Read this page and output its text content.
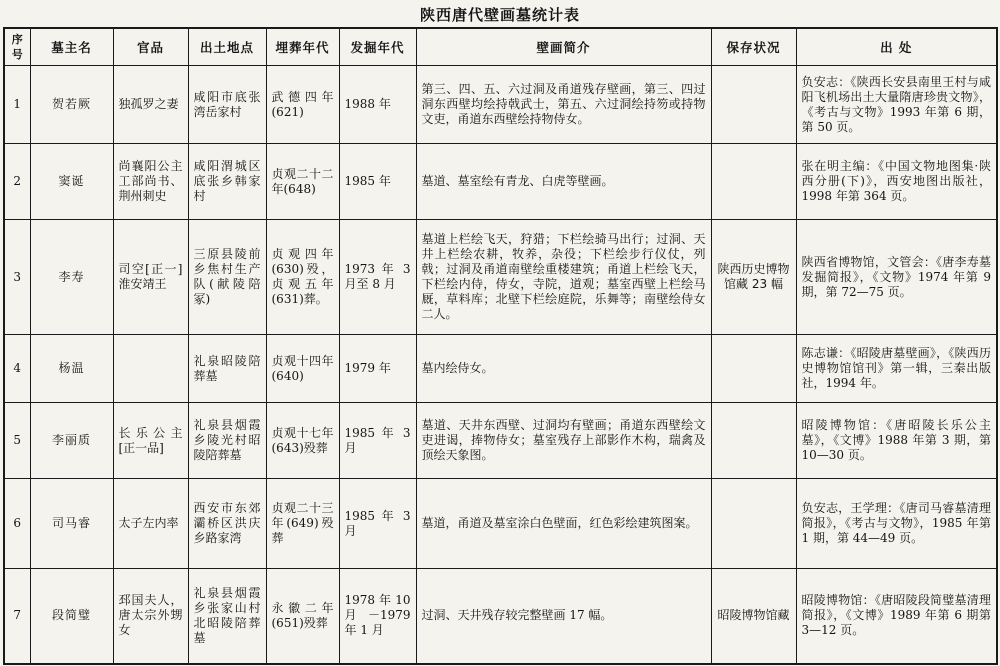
陕西唐代壁画墓统计表
序号	墓主名	官品	出土地点	埋葬年代	发掘年代	壁画简介	保存状况	出 处
1	贺若厥	独孤罗之妻	咸阳市底张湾岳家村	武德四年(621)	1988 年	第三、四、五、六过洞及甬道残存壁画，第三、四过洞东西壁均绘持戟武士，第五、六过洞绘持笏或持物文吏，甬道东西壁绘持物侍女。		负安志：《陕西长安县南里王村与咸阳飞机场出土大量隋唐珍贵文物》，《考古与文物》1993 年第 6 期，第 50 页。
2	窦诞	尚襄阳公主 工部尚书、荆州刺史	咸阳渭城区底张乡韩家村	贞观二十二年(648)	1985 年	墓道、墓室绘有青龙、白虎等壁画。		张在明主编：《中国文物地图集·陕西分册(下)》，西安地图出版社，1998 年第 364 页。
3	李寿	司空[正一]淮安靖王	三原县陵前乡焦村生产队(献陵陪冢)	贞观四年(630)殁，贞观五年(631)葬。	1973 年 3 月至 8 月	墓道上栏绘飞天，狩猎；下栏绘骑马出行；过洞、天井上栏绘农耕，牧养，杂役；下栏绘步行仪仗，列戟；过洞及甬道南壁绘重楼建筑；甬道上栏绘飞天，下栏绘内侍，侍女，寺院，道观；墓室西壁上栏绘马厩，草料库；北壁下栏绘庭院，乐舞等；南壁绘侍女二人。	陕西历史博物馆藏 23 幅	陕西省博物馆，文管会：《唐李寿墓发掘简报》，《文物》1974 年第 9 期，第 72—75 页。
4	杨温		礼泉昭陵陪葬墓	贞观十四年(640)	1979 年	墓内绘侍女。		陈志谦：《昭陵唐墓壁画》，《陕西历史博物馆馆刊》第一辑，三秦出版社，1994 年。
5	李丽质	长乐公主[正一品]	礼泉县烟霞乡陵光村昭陵陪葬墓	贞观十七年(643)殁葬	1985 年 3 月	墓道、天井东西壁、过洞均有壁画；甬道东西壁绘文吏进谒，捧物侍女；墓室残存上部影作木构，瑞禽及顶绘天象图。		昭陵博物馆：《唐昭陵长乐公主墓》，《文博》1988 年第 3 期，第 10—30 页。
6	司马睿	太子左内率	西安市东郊灞桥区洪庆乡路家湾	贞观二十三年(649)殁葬	1985 年 3 月	墓道，甬道及墓室涂白色壁面，红色彩绘建筑图案。		负安志，王学理：《唐司马睿墓清理简报》，《考古与文物》，1985 年第 1 期，第 44—49 页。
7	段简璧	邳国夫人，唐太宗外甥女	礼泉县烟霞乡张家山村北昭陵陪葬墓	永徽二年(651)殁葬	1978 年 10 月－1979 年 1 月	过洞、天井残存较完整壁画 17 幅。	昭陵博物馆藏	昭陵博物馆：《唐昭陵段简璧墓清理简报》，《文博》1989 年第 6 期第 3—12 页。
